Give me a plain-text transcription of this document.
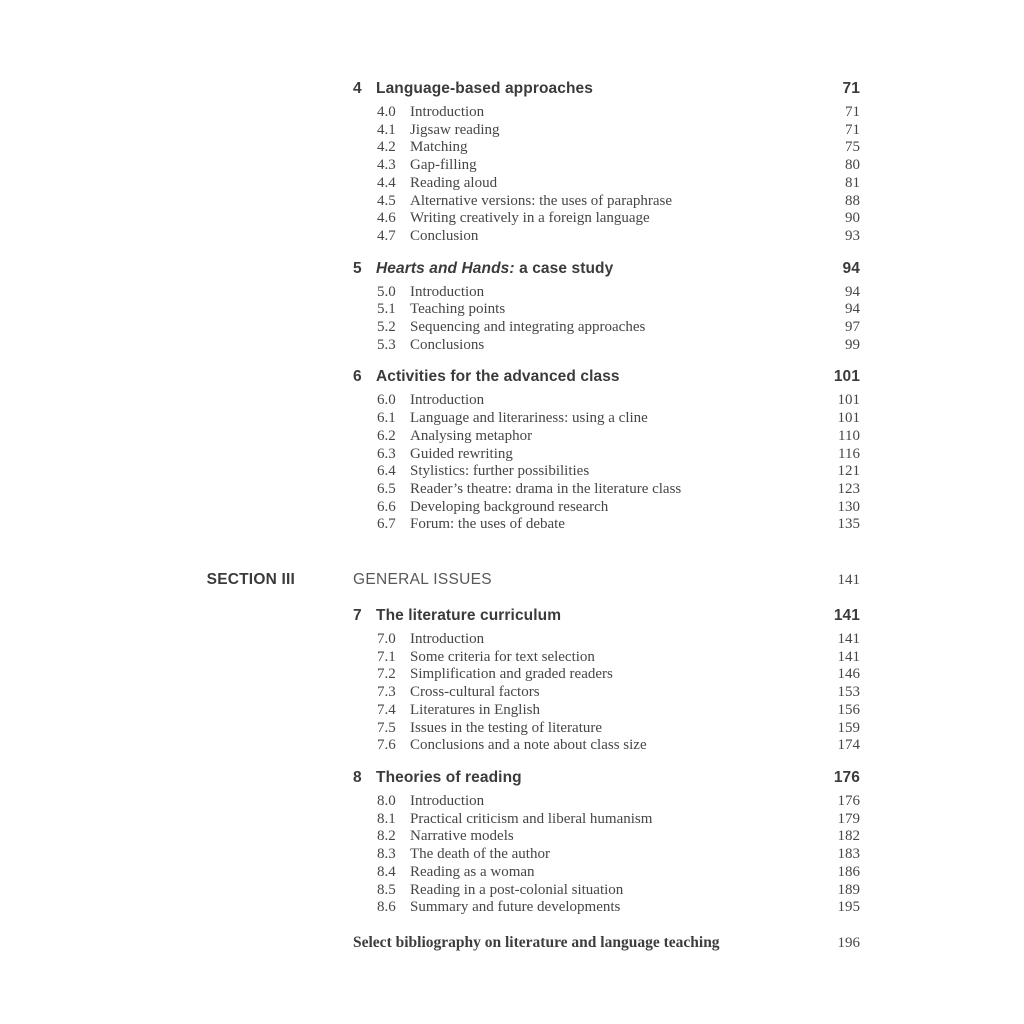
4 Language-based approaches	71
4.0 Introduction	71
4.1 Jigsaw reading	71
4.2 Matching	75
4.3 Gap-filling	80
4.4 Reading aloud	81
4.5 Alternative versions: the uses of paraphrase	88
4.6 Writing creatively in a foreign language	90
4.7 Conclusion	93
5 Hearts and Hands: a case study	94
5.0 Introduction	94
5.1 Teaching points	94
5.2 Sequencing and integrating approaches	97
5.3 Conclusions	99
6 Activities for the advanced class	101
6.0 Introduction	101
6.1 Language and literariness: using a cline	101
6.2 Analysing metaphor	110
6.3 Guided rewriting	116
6.4 Stylistics: further possibilities	121
6.5 Reader’s theatre: drama in the literature class	123
6.6 Developing background research	130
6.7 Forum: the uses of debate	135
SECTION III	GENERAL ISSUES	141
7 The literature curriculum	141
7.0 Introduction	141
7.1 Some criteria for text selection	141
7.2 Simplification and graded readers	146
7.3 Cross-cultural factors	153
7.4 Literatures in English	156
7.5 Issues in the testing of literature	159
7.6 Conclusions and a note about class size	174
8 Theories of reading	176
8.0 Introduction	176
8.1 Practical criticism and liberal humanism	179
8.2 Narrative models	182
8.3 The death of the author	183
8.4 Reading as a woman	186
8.5 Reading in a post-colonial situation	189
8.6 Summary and future developments	195
Select bibliography on literature and language teaching	196
